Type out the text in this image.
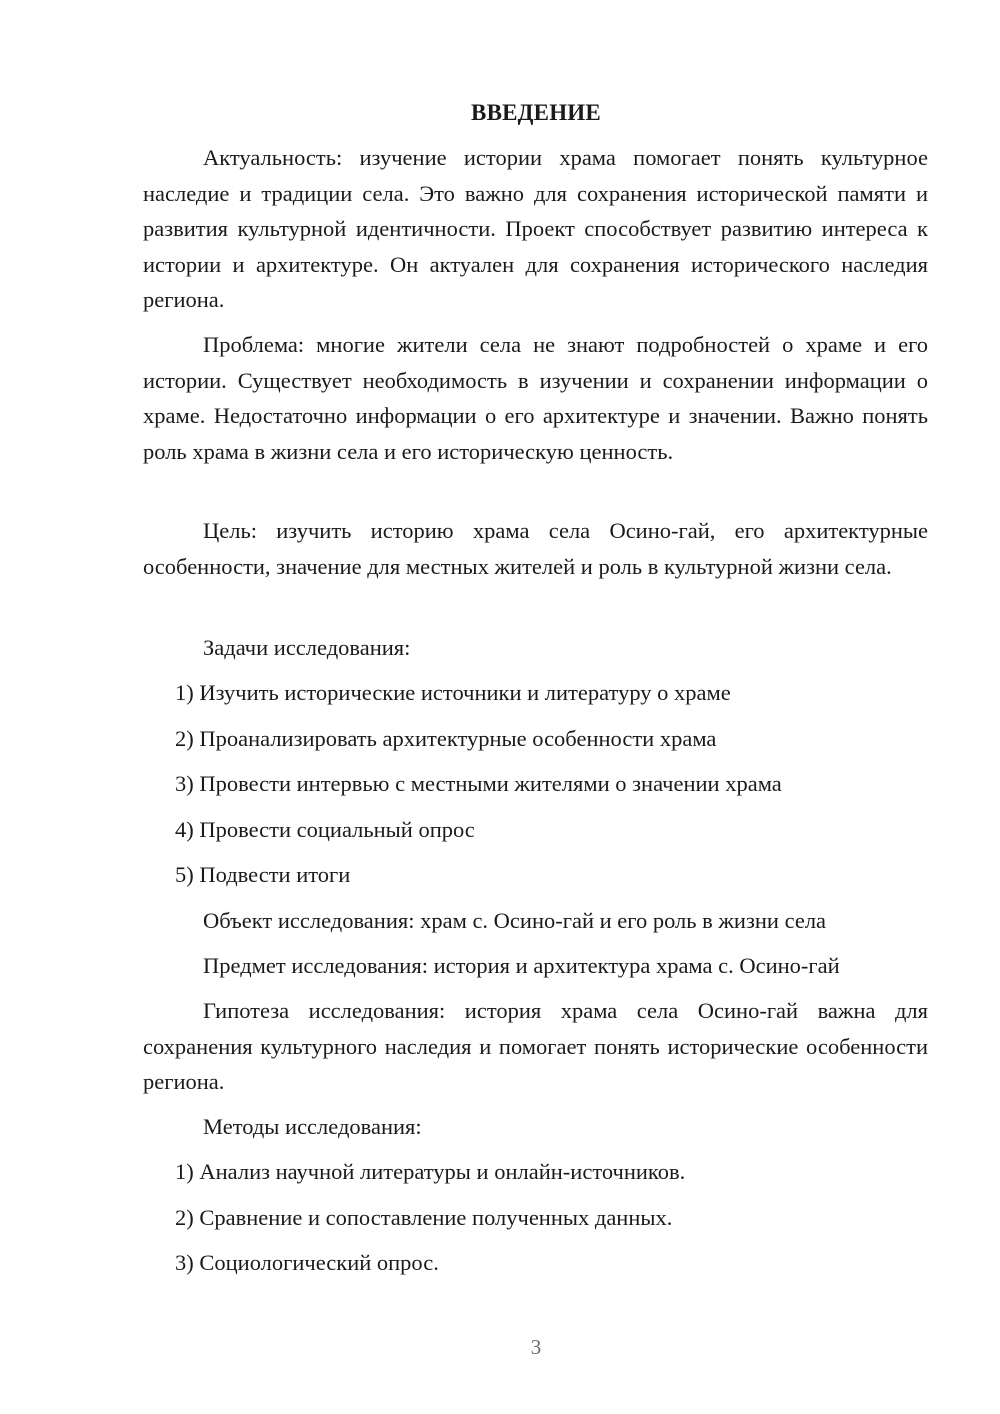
ВВЕДЕНИЕ

Актуальность: изучение истории храма помогает понять культурное наследие и традиции села. Это важно для сохранения исторической памяти и развития культурной идентичности. Проект способствует развитию интереса к истории и архитектуре. Он актуален для сохранения исторического наследия региона.

Проблема: многие жители села не знают подробностей о храме и его истории. Существует необходимость в изучении и сохранении информации о храме. Недостаточно информации о его архитектуре и значении. Важно понять роль храма в жизни села и его историческую ценность.

Цель: изучить историю храма села Осино-гай, его архитектурные особенности, значение для местных жителей и роль в культурной жизни села.

Задачи исследования:
1) Изучить исторические источники и литературу о храме
2) Проанализировать архитектурные особенности храма
3) Провести интервью с местными жителями о значении храма
4) Провести социальный опрос
5) Подвести итоги
Объект исследования: храм с. Осино-гай и его роль в жизни села
Предмет исследования: история и архитектура храма с. Осино-гай

Гипотеза исследования: история храма села Осино-гай важна для сохранения культурного наследия и помогает понять исторические особенности региона.

Методы исследования:
1) Анализ научной литературы и онлайн-источников.
2) Сравнение и сопоставление полученных данных.
3) Социологический опрос.
3
